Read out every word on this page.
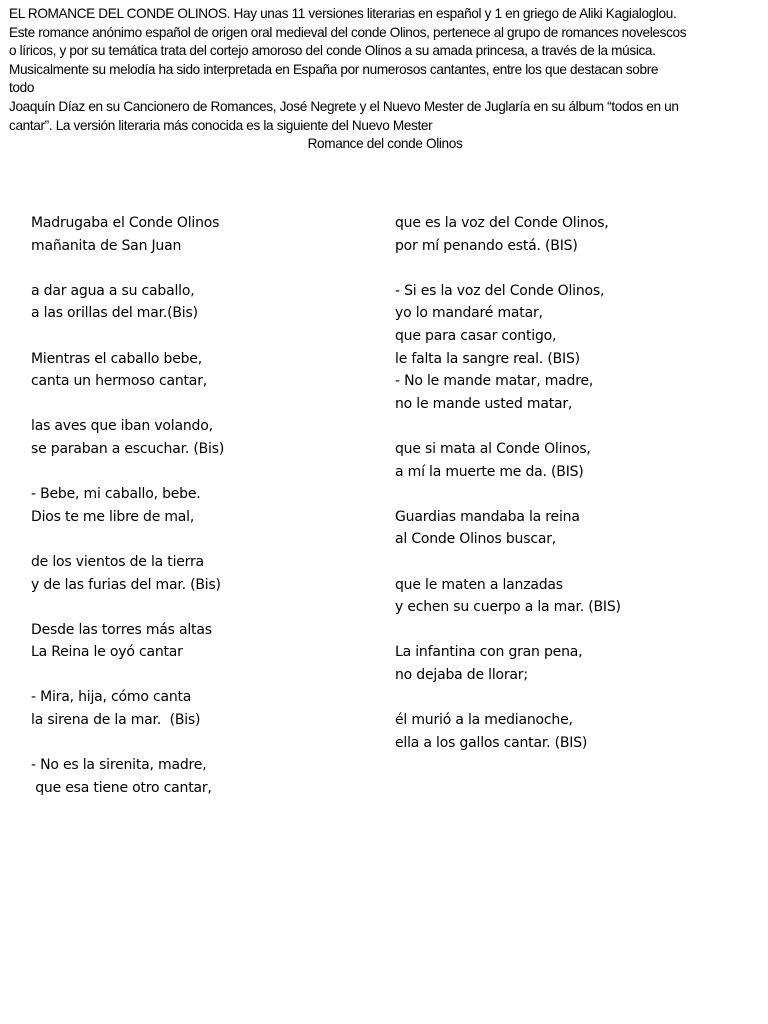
EL ROMANCE DEL CONDE OLINOS. Hay unas 11 versiones literarias en español y 1 en griego de Aliki Kagialoglou.
Este romance anónimo español de origen oral medieval del conde Olinos, pertenece al grupo de romances novelescos
o líricos, y por su temática trata del cortejo amoroso del conde Olinos a su amada princesa, a través de la música.
Musicalmente su melodía ha sido interpretada en España por numerosos cantantes, entre los que destacan sobre
todo
Joaquín Díaz en su Cancionero de Romances, José Negrete y el Nuevo Mester de Juglaría en su álbum “todos en un
cantar”. La versión literaria más conocida es la siguiente del Nuevo Mester
Romance del conde Olinos
Madrugaba el Conde Olinos
mañanita de San Juan
a dar agua a su caballo,
a las orillas del mar.(Bis)
Mientras el caballo bebe,
canta un hermoso cantar,
las aves que iban volando,
se paraban a escuchar. (Bis)
- Bebe, mi caballo, bebe.
Dios te me libre de mal,
de los vientos de la tierra
y de las furias del mar. (Bis)
Desde las torres más altas
La Reina le oyó cantar
- Mira, hija, cómo canta
la sirena de la mar.  (Bis)
- No es la sirenita, madre,
que esa tiene otro cantar,
que es la voz del Conde Olinos,
por mí penando está. (BIS)
- Si es la voz del Conde Olinos,
yo lo mandaré matar,
que para casar contigo,
le falta la sangre real. (BIS)
- No le mande matar, madre,
no le mande usted matar,
que si mata al Conde Olinos,
a mí la muerte me da. (BIS)
Guardias mandaba la reina
al Conde Olinos buscar,
que le maten a lanzadas
y echen su cuerpo a la mar. (BIS)
La infantina con gran pena,
no dejaba de llorar;
él murió a la medianoche,
ella a los gallos cantar. (BIS)
